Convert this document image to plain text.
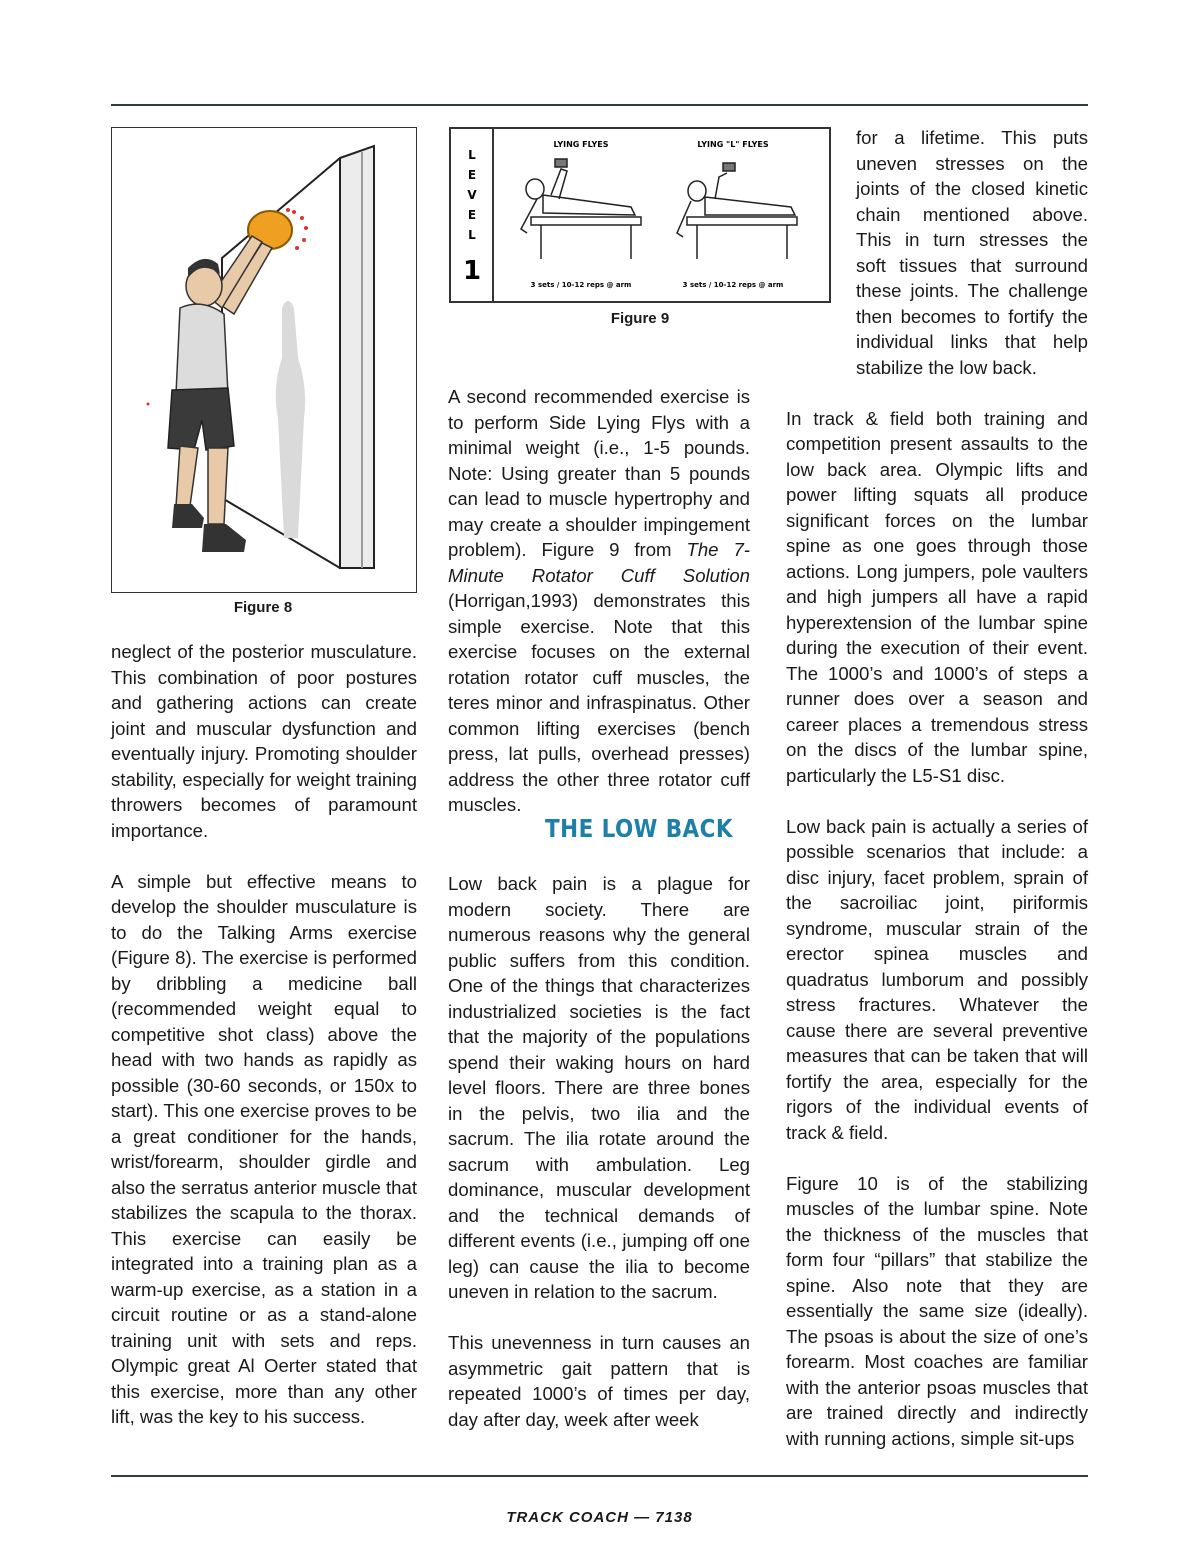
Figure 8
L
E
V
E
L
1
LYING FLYES	LYING "L" FLYES
3 sets / 10-12 reps @ arm	3 sets / 10-12 reps @ arm
Figure 9

neglect of the posterior musculature. This combination of poor postures and gathering actions can create joint and muscular dysfunction and eventually injury. Promoting shoulder stability, especially for weight training throwers becomes of paramount importance.

A simple but effective means to develop the shoulder musculature is to do the Talking Arms exercise (Figure 8). The exercise is performed by dribbling a medicine ball (recommended weight equal to competitive shot class) above the head with two hands as rapidly as possible (30-60 seconds, or 150x to start). This one exercise proves to be a great conditioner for the hands, wrist/forearm, shoulder girdle and also the serratus anterior muscle that stabilizes the scapula to the thorax. This exercise can easily be integrated into a training plan as a warm-up exercise, as a station in a circuit routine or as a stand-alone training unit with sets and reps. Olympic great Al Oerter stated that this exercise, more than any other lift, was the key to his success.

A second recommended exercise is to perform Side Lying Flys with a minimal weight (i.e., 1-5 pounds. Note: Using greater than 5 pounds can lead to muscle hypertrophy and may create a shoulder impingement problem). Figure 9 from The 7-Minute Rotator Cuff Solution (Horrigan,1993) demonstrates this simple exercise. Note that this exercise focuses on the external rotation rotator cuff muscles, the teres minor and infraspinatus. Other common lifting exercises (bench press, lat pulls, overhead presses) address the other three rotator cuff muscles.

THE LOW BACK

Low back pain is a plague for modern society. There are numerous reasons why the general public suffers from this condition. One of the things that characterizes industrialized societies is the fact that the majority of the populations spend their waking hours on hard level floors. There are three bones in the pelvis, two ilia and the sacrum. The ilia rotate around the sacrum with ambulation. Leg dominance, muscular development and the technical demands of different events (i.e., jumping off one leg) can cause the ilia to become uneven in relation to the sacrum.

This unevenness in turn causes an asymmetric gait pattern that is repeated 1000’s of times per day, day after day, week after week

for a lifetime. This puts uneven stresses on the joints of the closed kinetic chain mentioned above. This in turn stresses the soft tissues that surround these joints. The challenge then becomes to fortify the individual links that help stabilize the low back.

In track & field both training and competition present assaults to the low back area. Olympic lifts and power lifting squats all produce significant forces on the lumbar spine as one goes through those actions. Long jumpers, pole vaulters and high jumpers all have a rapid hyperextension of the lumbar spine during the execution of their event. The 1000’s and 1000’s of steps a runner does over a season and career places a tremendous stress on the discs of the lumbar spine, particularly the L5-S1 disc.

Low back pain is actually a series of possible scenarios that include: a disc injury, facet problem, sprain of the sacroiliac joint, piriformis syndrome, muscular strain of the erector spinea muscles and quadratus lumborum and possibly stress fractures. Whatever the cause there are several preventive measures that can be taken that will fortify the area, especially for the rigors of the individual events of track & field.

Figure 10 is of the stabilizing muscles of the lumbar spine. Note the thickness of the muscles that form four “pillars” that stabilize the spine. Also note that they are essentially the same size (ideally). The psoas is about the size of one’s forearm. Most coaches are familiar with the anterior psoas muscles that are trained directly and indirectly with running actions, simple sit-ups

TRACK COACH — 7138
